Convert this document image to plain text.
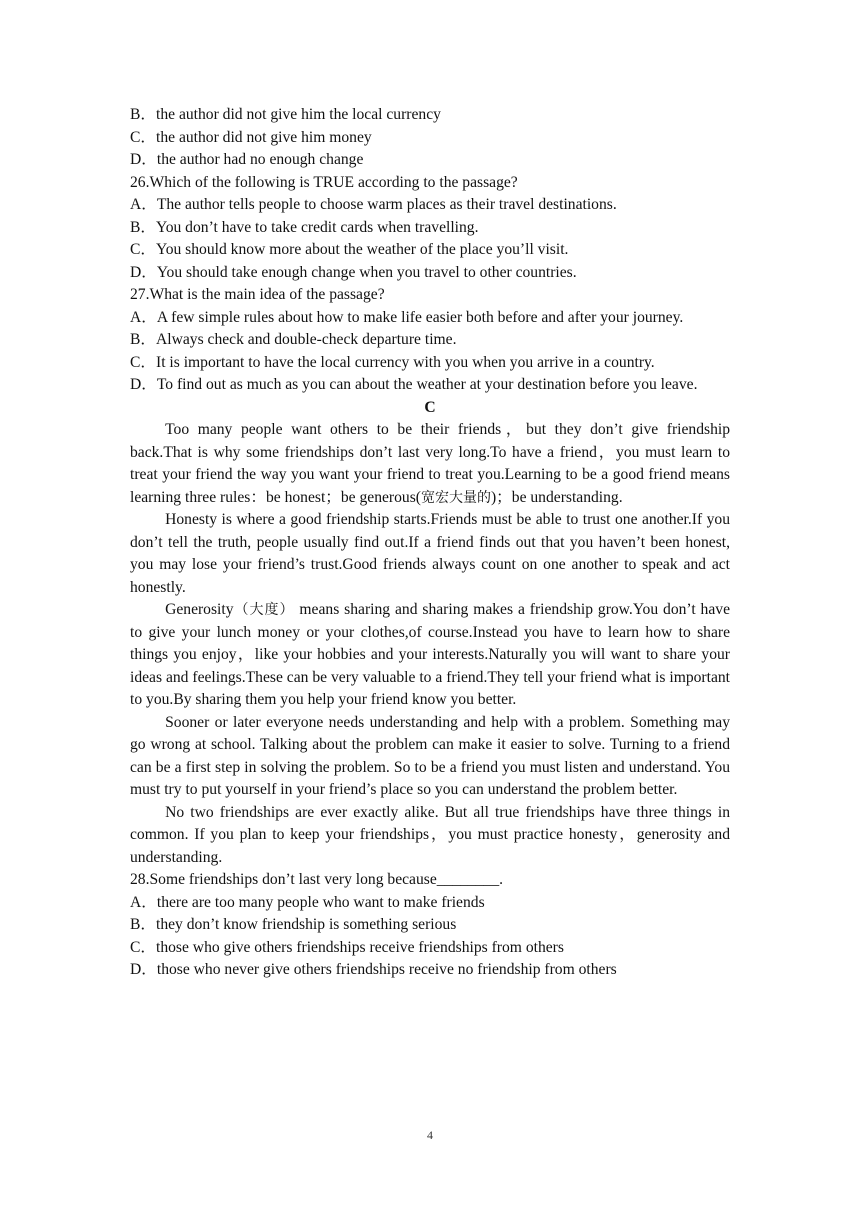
B．the author did not give him the local currency
C．the author did not give him money
D．the author had no enough change
26.Which of the following is TRUE according to the passage?
A．The author tells people to choose warm places as their travel destinations.
B．You don’t have to take credit cards when travelling.
C．You should know more about the weather of the place you’ll visit.
D．You should take enough change when you travel to other countries.
27.What is the main idea of the passage?
A．A few simple rules about how to make life easier both before and after your journey.
B．Always check and double-check departure time.
C．It is important to have the local currency with you when you arrive in a country.
D．To find out as much as you can about the weather at your destination before you leave.
C

Too many people want others to be their friends，but they don’t give friendship back.That is why some friendships don’t last very long.To have a friend，you must learn to treat your friend the way you want your friend to treat you.Learning to be a good friend means learning three rules：be honest；be generous(宽宏大量的)；be understanding.

Honesty is where a good friendship starts.Friends must be able to trust one another.If you don’t tell the truth, people usually find out.If a friend finds out that you haven’t been honest, you may lose your friend’s trust.Good friends always count on one another to speak and act honestly.

Generosity（大度） means sharing and sharing makes a friendship grow.You don’t have to give your lunch money or your clothes,of course.Instead you have to learn how to share things you enjoy，like your hobbies and your interests.Naturally you will want to share your ideas and feelings.These can be very valuable to a friend.They tell your friend what is important to you.By sharing them you help your friend know you better.

Sooner or later everyone needs understanding and help with a problem. Something may go wrong at school. Talking about the problem can make it easier to solve. Turning to a friend can be a first step in solving the problem. So to be a friend you must listen and understand. You must try to put yourself in your friend’s place so you can understand the problem better.

No two friendships are ever exactly alike. But all true friendships have three things in common. If you plan to keep your friendships，you must practice honesty，generosity and understanding.

28.Some friendships don’t last very long because________.
A．there are too many people who want to make friends
B．they don’t know friendship is something serious
C．those who give others friendships receive friendships from others
D．those who never give others friendships receive no friendship from others
4
